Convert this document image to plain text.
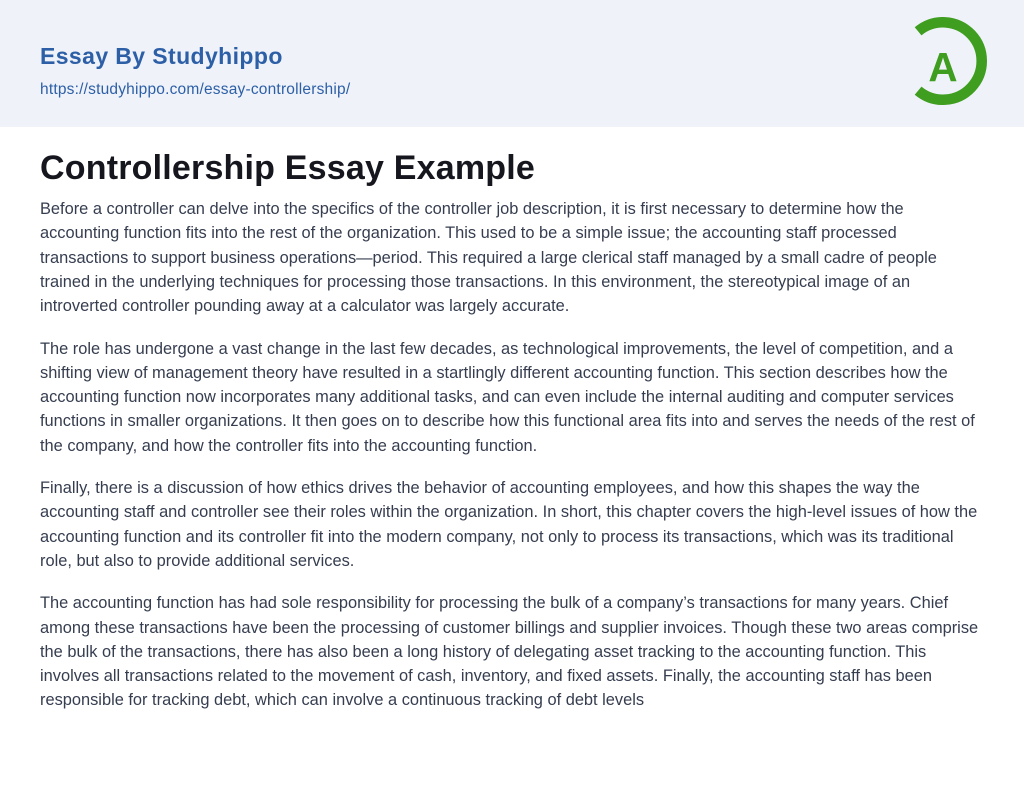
Essay By Studyhippo
https://studyhippo.com/essay-controllership/	A
Controllership Essay Example

Before a controller can delve into the specifics of the controller job description, it is first necessary to determine how the accounting function fits into the rest of the organization. This used to be a simple issue; the accounting staff processed transactions to support business operations—period. This required a large clerical staff managed by a small cadre of people trained in the underlying techniques for processing those transactions. In this environment, the stereotypical image of an introverted controller pounding away at a calculator was largely accurate.

The role has undergone a vast change in the last few decades, as technological improvements, the level of competition, and a shifting view of management theory have resulted in a startlingly different accounting function. This section describes how the accounting function now incorporates many additional tasks, and can even include the internal auditing and computer services functions in smaller organizations. It then goes on to describe how this functional area fits into and serves the needs of the rest of the company, and how the controller fits into the accounting function.

Finally, there is a discussion of how ethics drives the behavior of accounting employees, and how this shapes the way the accounting staff and controller see their roles within the organization. In short, this chapter covers the high-level issues of how the accounting function and its controller fit into the modern company, not only to process its transactions, which was its traditional role, but also to provide additional services.

The accounting function has had sole responsibility for processing the bulk of a company’s transactions for many years. Chief among these transactions have been the processing of customer billings and supplier invoices. Though these two areas comprise the bulk of the transactions, there has also been a long history of delegating asset tracking to the accounting function. This involves all transactions related to the movement of cash, inventory, and fixed assets. Finally, the accounting staff has been responsible for tracking debt, which can involve a continuous tracking of debt levels
